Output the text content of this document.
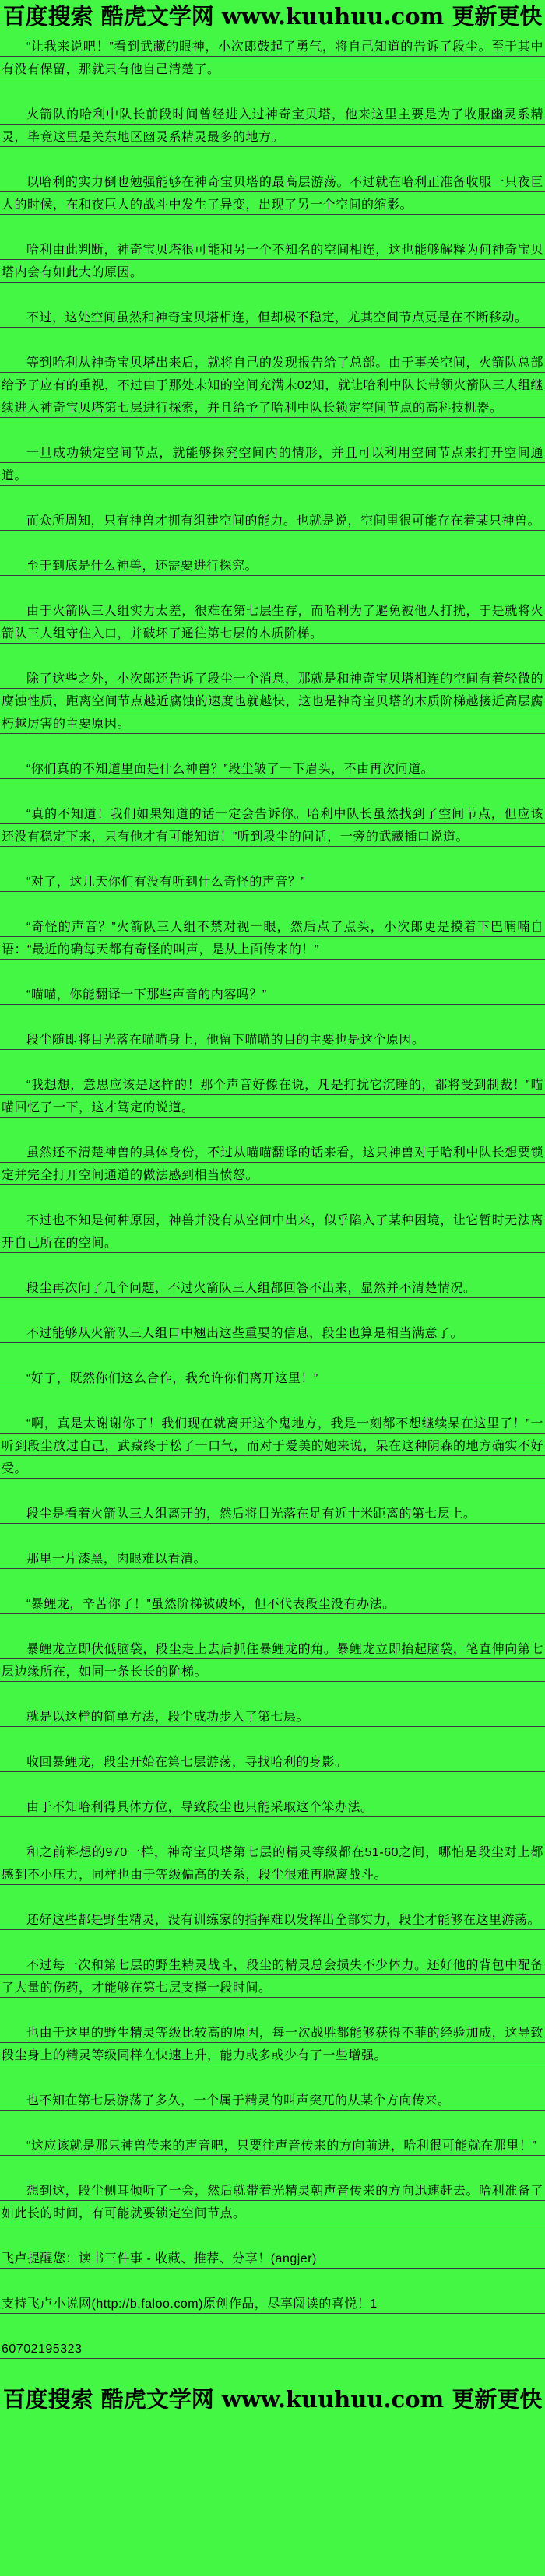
百度搜索 酷虎文学网 www.kuuhuu.com 更新更快
“让我来说吧！”看到武藏的眼神，小次郎鼓起了勇气，将自己知道的告诉了段尘。至于其中有没有保留，那就只有他自己清楚了。
火箭队的哈利中队长前段时间曾经进入过神奇宝贝塔，他来这里主要是为了收服幽灵系精灵，毕竟这里是关东地区幽灵系精灵最多的地方。
以哈利的实力倒也勉强能够在神奇宝贝塔的最高层游荡。不过就在哈利正准备收服一只夜巨人的时候，在和夜巨人的战斗中发生了异变，出现了另一个空间的缩影。
哈利由此判断，神奇宝贝塔很可能和另一个不知名的空间相连，这也能够解释为何神奇宝贝塔内会有如此大的原因。
不过，这处空间虽然和神奇宝贝塔相连，但却极不稳定，尤其空间节点更是在不断移动。
等到哈利从神奇宝贝塔出来后，就将自己的发现报告给了总部。由于事关空间，火箭队总部给予了应有的重视，不过由于那处未知的空间充满未02知，就让哈利中队长带领火箭队三人组继续进入神奇宝贝塔第七层进行探索，并且给予了哈利中队长锁定空间节点的高科技机器。
一旦成功锁定空间节点，就能够探究空间内的情形，并且可以利用空间节点来打开空间通道。
而众所周知，只有神兽才拥有组建空间的能力。也就是说，空间里很可能存在着某只神兽。
至于到底是什么神兽，还需要进行探究。
由于火箭队三人组实力太差，很难在第七层生存，而哈利为了避免被他人打扰，于是就将火箭队三人组守住入口，并破坏了通往第七层的木质阶梯。
除了这些之外，小次郎还告诉了段尘一个消息，那就是和神奇宝贝塔相连的空间有着轻微的腐蚀性质，距离空间节点越近腐蚀的速度也就越快，这也是神奇宝贝塔的木质阶梯越接近高层腐朽越厉害的主要原因。
“你们真的不知道里面是什么神兽？”段尘皱了一下眉头，不由再次问道。
“真的不知道！我们如果知道的话一定会告诉你。哈利中队长虽然找到了空间节点，但应该还没有稳定下来，只有他才有可能知道！”听到段尘的问话，一旁的武藏插口说道。
“对了，这几天你们有没有听到什么奇怪的声音？”
“奇怪的声音？”火箭队三人组不禁对视一眼，然后点了点头，小次郎更是摸着下巴喃喃自语：“最近的确每天都有奇怪的叫声，是从上面传来的！”
“喵喵，你能翻译一下那些声音的内容吗？”
段尘随即将目光落在喵喵身上，他留下喵喵的目的主要也是这个原因。
“我想想，意思应该是这样的！那个声音好像在说，凡是打扰它沉睡的，都将受到制裁！”喵喵回忆了一下，这才笃定的说道。
虽然还不清楚神兽的具体身份，不过从喵喵翻译的话来看，这只神兽对于哈利中队长想要锁定并完全打开空间通道的做法感到相当愤怒。
不过也不知是何种原因，神兽并没有从空间中出来，似乎陷入了某种困境，让它暂时无法离开自己所在的空间。
段尘再次问了几个问题，不过火箭队三人组都回答不出来，显然并不清楚情况。
不过能够从火箭队三人组口中翘出这些重要的信息，段尘也算是相当满意了。
“好了，既然你们这么合作，我允许你们离开这里！”
“啊，真是太谢谢你了！我们现在就离开这个鬼地方，我是一刻都不想继续呆在这里了！”一听到段尘放过自己，武藏终于松了一口气，而对于爱美的她来说，呆在这种阴森的地方确实不好受。
段尘是看着火箭队三人组离开的，然后将目光落在足有近十米距离的第七层上。
那里一片漆黑，肉眼难以看清。
“暴鲤龙，辛苦你了！”虽然阶梯被破坏，但不代表段尘没有办法。
暴鲤龙立即伏低脑袋，段尘走上去后抓住暴鲤龙的角。暴鲤龙立即抬起脑袋，笔直伸向第七层边缘所在，如同一条长长的阶梯。
就是以这样的简单方法，段尘成功步入了第七层。
收回暴鲤龙，段尘开始在第七层游荡，寻找哈利的身影。
由于不知哈利得具体方位，导致段尘也只能采取这个笨办法。
和之前料想的970一样，神奇宝贝塔第七层的精灵等级都在51-60之间，哪怕是段尘对上都感到不小压力，同样也由于等级偏高的关系，段尘很难再脱离战斗。
还好这些都是野生精灵，没有训练家的指挥难以发挥出全部实力，段尘才能够在这里游荡。
不过每一次和第七层的野生精灵战斗，段尘的精灵总会损失不少体力。还好他的背包中配备了大量的伤药，才能够在第七层支撑一段时间。
也由于这里的野生精灵等级比较高的原因，每一次战胜都能够获得不菲的经验加成，这导致段尘身上的精灵等级同样在快速上升，能力或多或少有了一些增强。
也不知在第七层游荡了多久，一个属于精灵的叫声突兀的从某个方向传来。
“这应该就是那只神兽传来的声音吧，只要往声音传来的方向前进，哈利很可能就在那里！”
想到这，段尘侧耳倾听了一会，然后就带着光精灵朝声音传来的方向迅速赶去。哈利准备了如此长的时间，有可能就要锁定空间节点。
飞卢提醒您：读书三件事 - 收藏、推荐、分享！(angjer)
支持飞卢小说网(http://b.faloo.com)原创作品，尽享阅读的喜悦！1
60702195323
百度搜索 酷虎文学网 www.kuuhuu.com 更新更快
